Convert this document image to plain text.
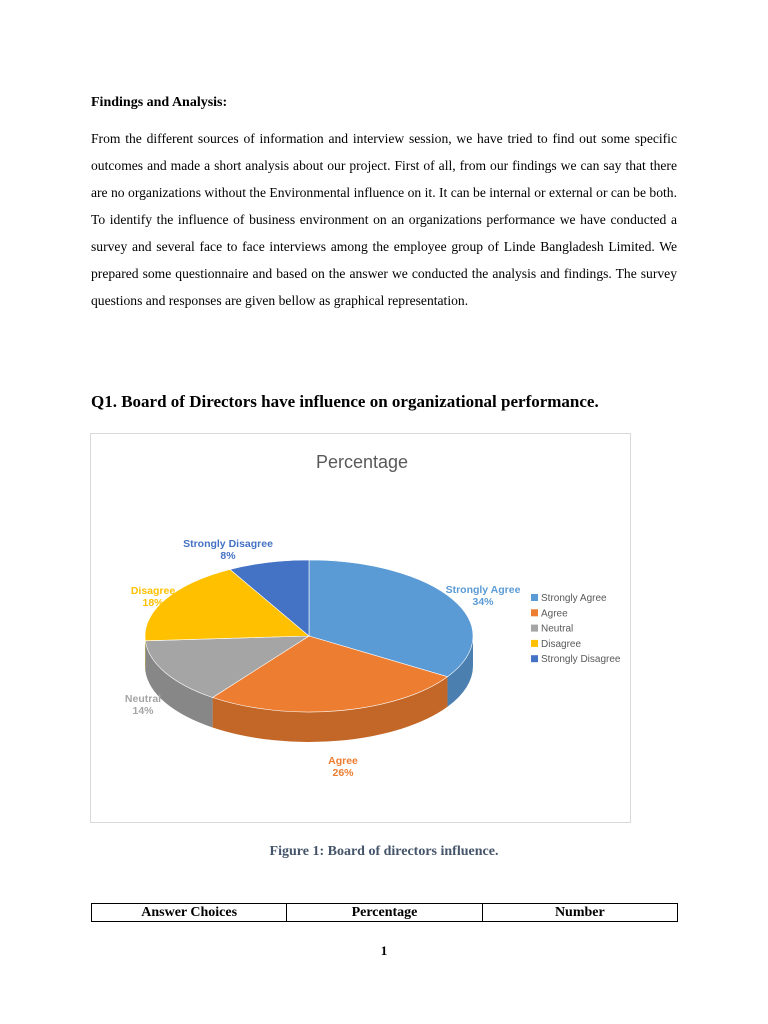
Findings and Analysis:
From the different sources of information and interview session, we have tried to find out some specific outcomes and made a short analysis about our project. First of all, from our findings we can say that there are no organizations without the Environmental influence on it. It can be internal or external or can be both. To identify the influence of business environment on an organizations performance we have conducted a survey and several face to face interviews among the employee group of Linde Bangladesh Limited. We prepared some questionnaire and based on the answer we conducted the analysis and findings. The survey questions and responses are given bellow as graphical representation.
Q1. Board of Directors have influence on organizational performance.
Percentage
Strongly Agree
34%
Agree
26%
Neutral
14%
Disagree
18%
Strongly Disagree
8%
Strongly Agree
Agree
Neutral
Disagree
Strongly Disagree
Figure 1: Board of directors influence.
Answer Choices	Percentage	Number
1
